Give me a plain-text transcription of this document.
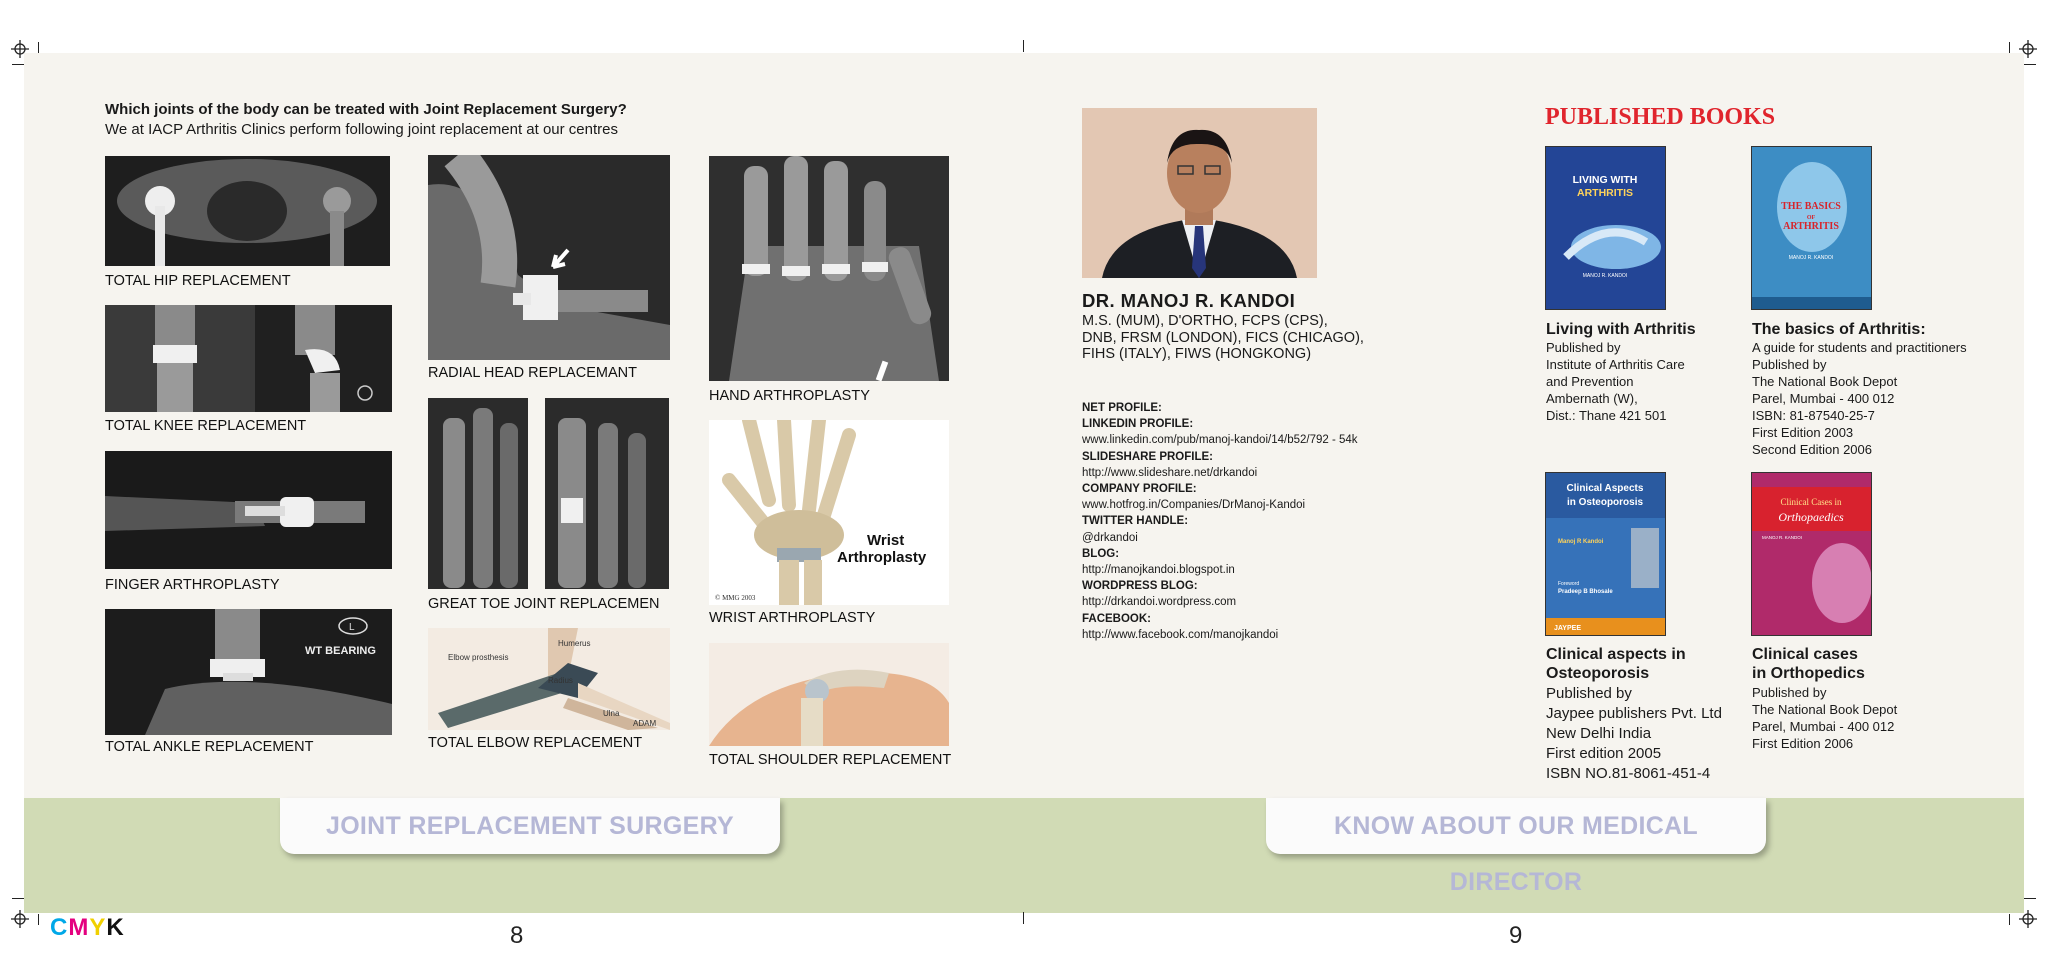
Which joints of the body can be treated with Joint Replacement Surgery?
We at IACP Arthritis Clinics perform following joint replacement at our centres
TOTAL HIP REPLACEMENT
TOTAL KNEE REPLACEMENT
FINGER ARTHROPLASTY
L
WT BEARING
TOTAL ANKLE REPLACEMENT
RADIAL HEAD REPLACEMANT
GREAT TOE JOINT REPLACEMEN
Elbow prosthesis
Humerus
Radius
Ulna
ADAM
TOTAL ELBOW REPLACEMENT
HAND ARTHROPLASTY
Wrist
Arthroplasty
© MMG 2003
WRIST ARTHROPLASTY

TOTAL SHOULDER REPLACEMENT
JOINT REPLACEMENT SURGERY
DR. MANOJ R. KANDOI
M.S. (MUM), D'ORTHO, FCPS (CPS),
DNB, FRSM (LONDON), FICS (CHICAGO),
FIHS (ITALY), FIWS (HONGKONG)
NET PROFILE:
LINKEDIN PROFILE:
www.linkedin.com/pub/manoj-kandoi/14/b52/792 - 54k
SLIDESHARE PROFILE:
http://www.slideshare.net/drkandoi
COMPANY PROFILE:
www.hotfrog.in/Companies/DrManoj-Kandoi
TWITTER HANDLE:
@drkandoi
BLOG:
http://manojkandoi.blogspot.in
WORDPRESS BLOG:
http://drkandoi.wordpress.com
FACEBOOK:
http://www.facebook.com/manojkandoi
PUBLISHED BOOKS
LIVING WITH
ARTHRITIS
MANOJ R. KANDOI
Living with Arthritis
Published by
Institute of Arthritis Care
and Prevention
Ambernath (W),
Dist.: Thane 421 501
THE BASICS
OF
ARTHRITIS
MANOJ R. KANDOI
The basics of Arthritis:
A guide for students and practitioners
Published by
The National Book Depot
Parel, Mumbai - 400 012
ISBN: 81-87540-25-7
First Edition 2003
Second Edition 2006
Clinical Aspects
in Osteoporosis
Manoj R Kandoi
Foreword
Pradeep B Bhosale
JAYPEE
Clinical aspects in
Osteoporosis
Published by
Jaypee publishers Pvt. Ltd
New Delhi India
First edition 2005
ISBN NO.81-8061-451-4
Clinical Cases in
Orthopaedics
MANOJ R. KANDOI
Clinical cases
in Orthopedics
Published by
The National Book Depot
Parel, Mumbai - 400 012
First Edition 2006
KNOW ABOUT OUR MEDICAL DIRECTOR
CMYK	8	9
